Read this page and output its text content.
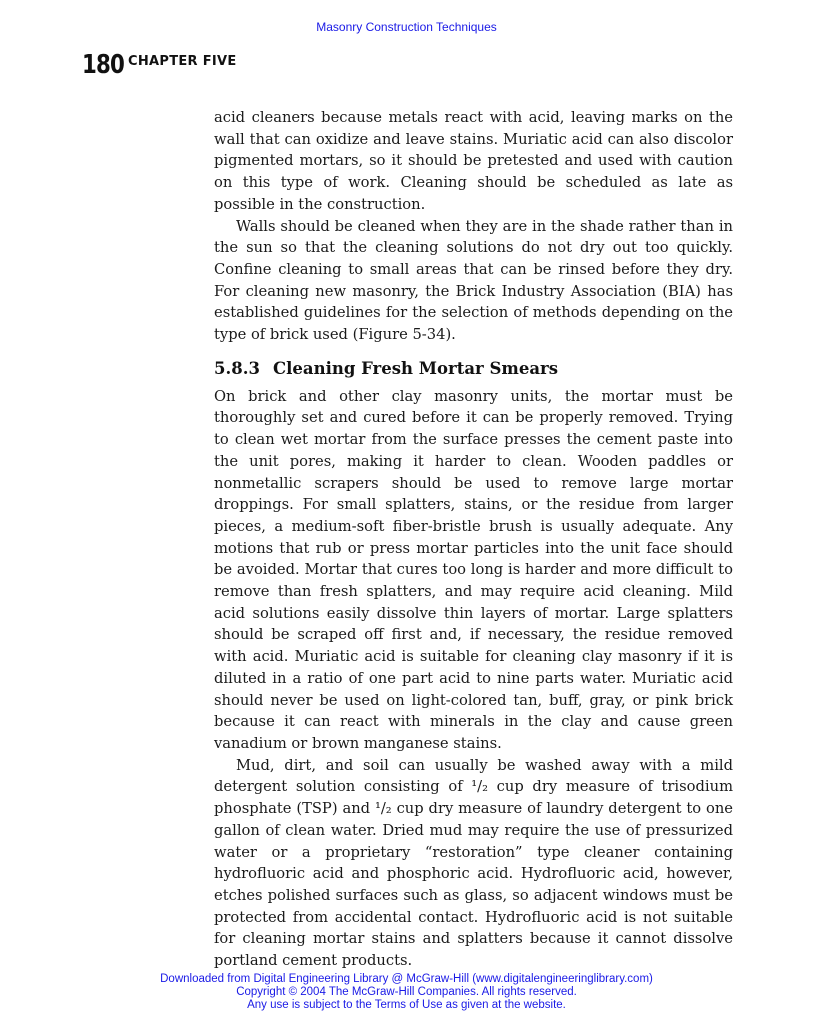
Masonry Construction Techniques
180 CHAPTER FIVE

acid cleaners because metals react with acid, leaving marks on the wall that can oxidize and leave stains. Muriatic acid can also discolor pigmented mortars, so it should be pretested and used with caution on this type of work. Cleaning should be scheduled as late as possible in the construction.

Walls should be cleaned when they are in the shade rather than in the sun so that the cleaning solutions do not dry out too quickly. Confine cleaning to small areas that can be rinsed before they dry. For cleaning new masonry, the Brick Industry Association (BIA) has established guidelines for the selection of methods depending on the type of brick used (Figure 5-34).

5.8.3 Cleaning Fresh Mortar Smears

On brick and other clay masonry units, the mortar must be thoroughly set and cured before it can be properly removed. Trying to clean wet mortar from the surface presses the cement paste into the unit pores, making it harder to clean. Wooden paddles or nonmetallic scrapers should be used to remove large mortar droppings. For small splatters, stains, or the residue from larger pieces, a medium-soft fiber-bristle brush is usually adequate. Any motions that rub or press mortar particles into the unit face should be avoided. Mortar that cures too long is harder and more difficult to remove than fresh splatters, and may require acid cleaning. Mild acid solutions easily dissolve thin layers of mortar. Large splatters should be scraped off first and, if necessary, the residue removed with acid. Muriatic acid is suitable for cleaning clay masonry if it is diluted in a ratio of one part acid to nine parts water. Muriatic acid should never be used on light-colored tan, buff, gray, or pink brick because it can react with minerals in the clay and cause green vanadium or brown manganese stains.

Mud, dirt, and soil can usually be washed away with a mild detergent solution consisting of ¹/₂ cup dry measure of trisodium phosphate (TSP) and ¹/₂ cup dry measure of laundry detergent to one gallon of clean water. Dried mud may require the use of pressurized water or a proprietary “restoration” type cleaner containing hydrofluoric acid and phosphoric acid. Hydrofluoric acid, however, etches polished surfaces such as glass, so adjacent windows must be protected from accidental contact. Hydrofluoric acid is not suitable for cleaning mortar stains and splatters because it cannot dissolve portland cement products.

Downloaded from Digital Engineering Library @ McGraw-Hill (www.digitalengineeringlibrary.com)
Copyright © 2004 The McGraw-Hill Companies. All rights reserved.
Any use is subject to the Terms of Use as given at the website.
